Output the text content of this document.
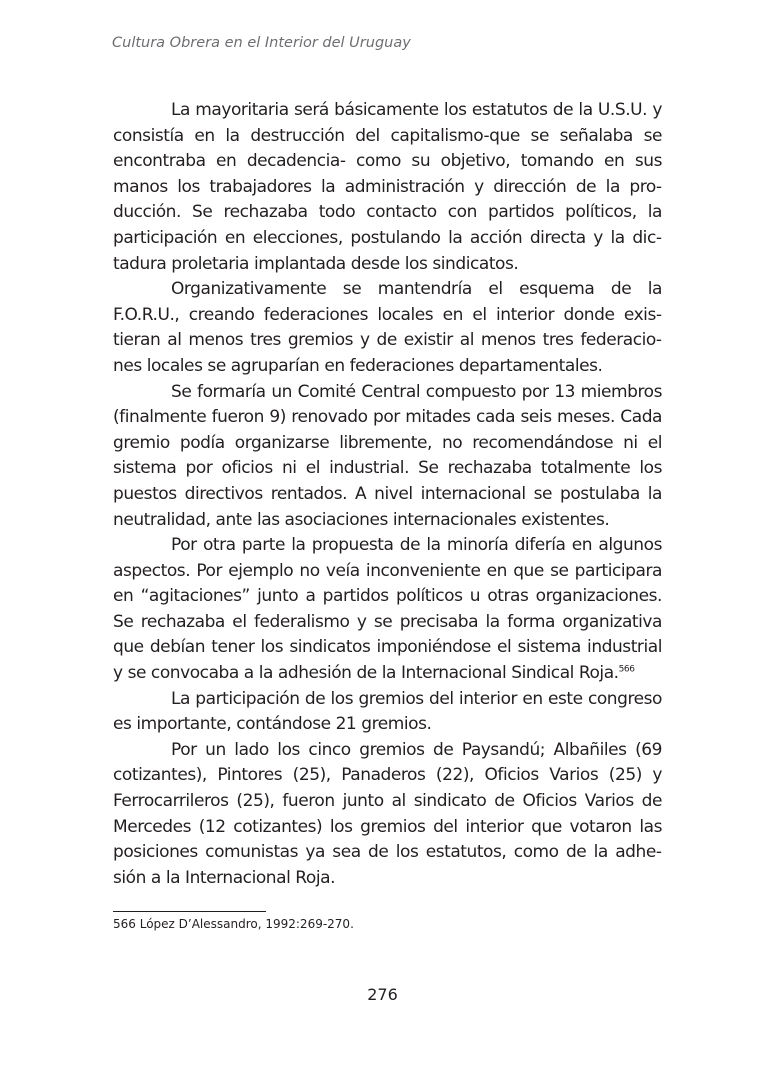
Cultura Obrera en el Interior del Uruguay

La mayoritaria será básicamente los estatutos de la U.S.U. y consistía en la destrucción del capitalismo-que se señalaba se encontraba en decadencia- como su objetivo, tomando en sus manos los trabajadores la administración y dirección de la producción. Se rechazaba todo contacto con partidos políticos, la participación en elecciones, postulando la acción directa y la dictadura proletaria implantada desde los sindicatos.

Organizativamente se mantendría el esquema de la F.O.R.U., creando federaciones locales en el interior donde existieran al menos tres gremios y de existir al menos tres federaciones locales se agruparían en federaciones departamentales.

Se formaría un Comité Central compuesto por 13 miembros (finalmente fueron 9) renovado por mitades cada seis meses. Cada gremio podía organizarse libremente, no recomendándose ni el sistema por oficios ni el industrial. Se rechazaba totalmente los puestos directivos rentados. A nivel internacional se postulaba la neutralidad, ante las asociaciones internacionales existentes.

Por otra parte la propuesta de la minoría difería en algunos aspectos. Por ejemplo no veía inconveniente en que se participara en “agitaciones” junto a partidos políticos u otras organizaciones. Se rechazaba el federalismo y se precisaba la forma organizativa que debían tener los sindicatos imponiéndose el sistema industrial y se convocaba a la adhesión de la Internacional Sindical Roja.$^{566}$

La participación de los gremios del interior en este congreso es importante, contándose 21 gremios.

Por un lado los cinco gremios de Paysandú; Albañiles (69 cotizantes), Pintores (25), Panaderos (22), Oficios Varios (25) y Ferrocarrileros (25), fueron junto al sindicato de Oficios Varios de Mercedes (12 cotizantes) los gremios del interior que votaron las posiciones comunistas ya sea de los estatutos, como de la adhesión a la Internacional Roja.

566 López D’Alessandro, 1992:269-270.
276
